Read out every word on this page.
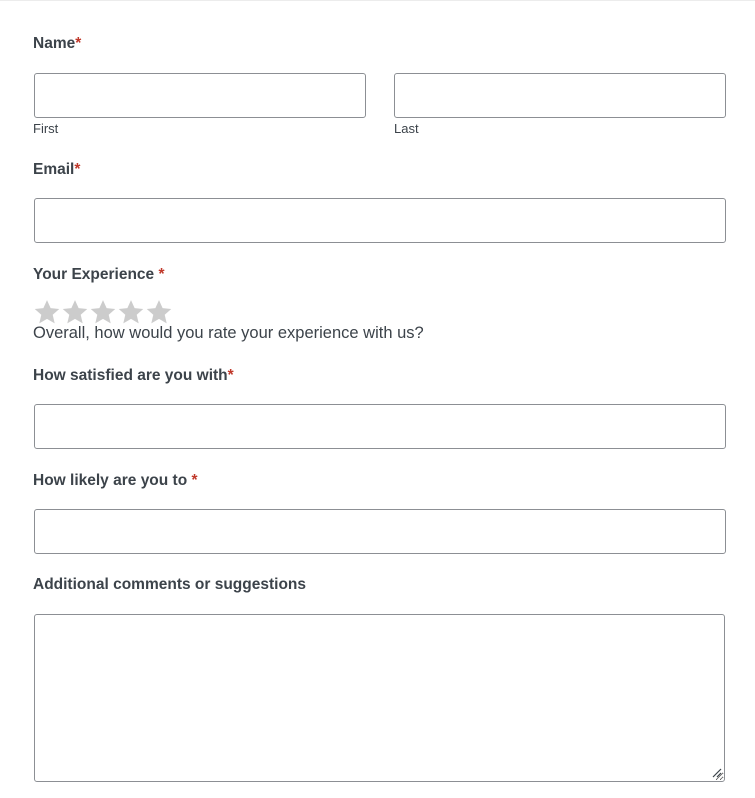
Name*
First	Last
Email*
Your Experience *
Overall, how would you rate your experience with us?
How satisfied are you with*
How likely are you to *
Additional comments or suggestions
